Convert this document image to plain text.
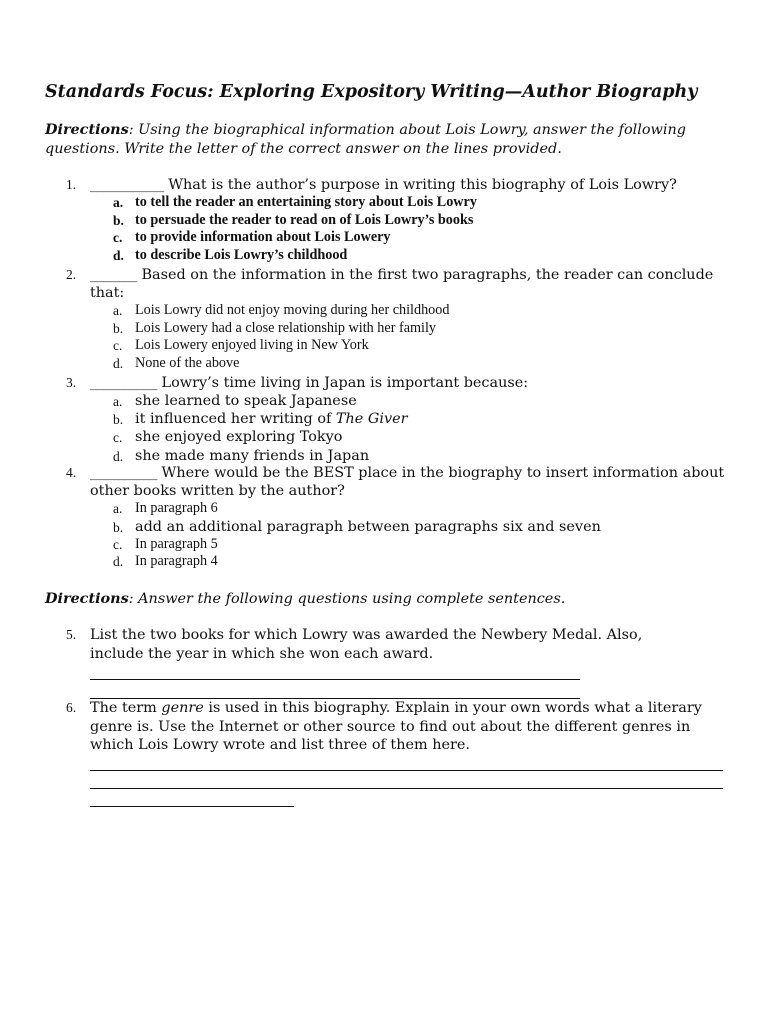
Standards Focus: Exploring Expository Writing—Author Biography

Directions: Using the biographical information about Lois Lowry, answer the following questions. Write the letter of the correct answer on the lines provided.

1. ___________ What is the author’s purpose in writing this biography of Lois Lowry?

a. to tell the reader an entertaining story about Lois Lowry
b. to persuade the reader to read on of Lois Lowry’s books
c. to provide information about Lois Lowery
d. to describe Lois Lowry’s childhood
2. _______ Based on the information in the first two paragraphs, the reader can conclude that:

a. Lois Lowry did not enjoy moving during her childhood
b. Lois Lowery had a close relationship with her family
c. Lois Lowery enjoyed living in New York
d. None of the above
3. __________ Lowry’s time living in Japan is important because:

a. she learned to speak Japanese
b. it influenced her writing of The Giver
c. she enjoyed exploring Tokyo
d. she made many friends in Japan
4. __________ Where would be the BEST place in the biography to insert information about other books written by the author?

a. In paragraph 6
b. add an additional paragraph between paragraphs six and seven
c. In paragraph 5
d. In paragraph 4

Directions: Answer the following questions using complete sentences.

5. List the two books for which Lowry was awarded the Newbery Medal. Also, include the year in which she won each award.

6. The term genre is used in this biography. Explain in your own words what a literary genre is. Use the Internet or other source to find out about the different genres in which Lois Lowry wrote and list three of them here.
